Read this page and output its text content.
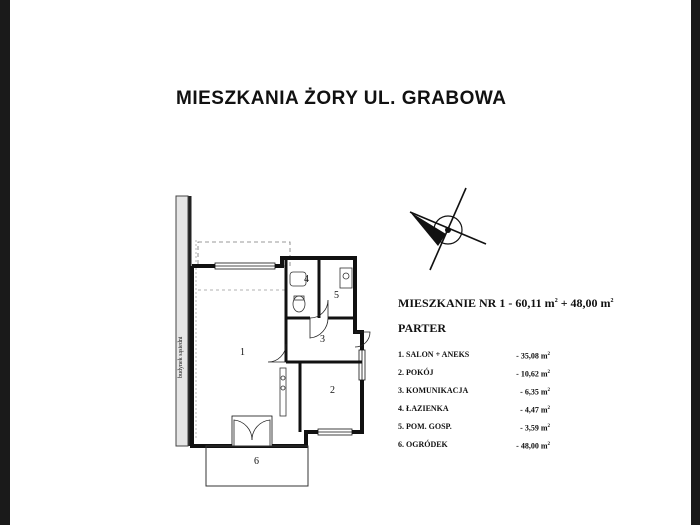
MIESZKANIA ŻORY UL. GRABOWA
budynek sąsiedni	1
2
3
4
5
6
MIESZKANIE NR 1 - 60,11 $m^2 + 48,00$ $m^2$
PARTER
1. SALON + ANEKS	- 35,08 $m^2$
2. POKÓJ	- 10,62 $m^2$
3. KOMUNIKACJA	- 6,35 $m^2$
4. ŁAZIENKA	- 4,47 $m^2$
5. POM. GOSP.	- 3,59 $m^2$
6. OGRÓDEK	- 48,00 $m^2$
